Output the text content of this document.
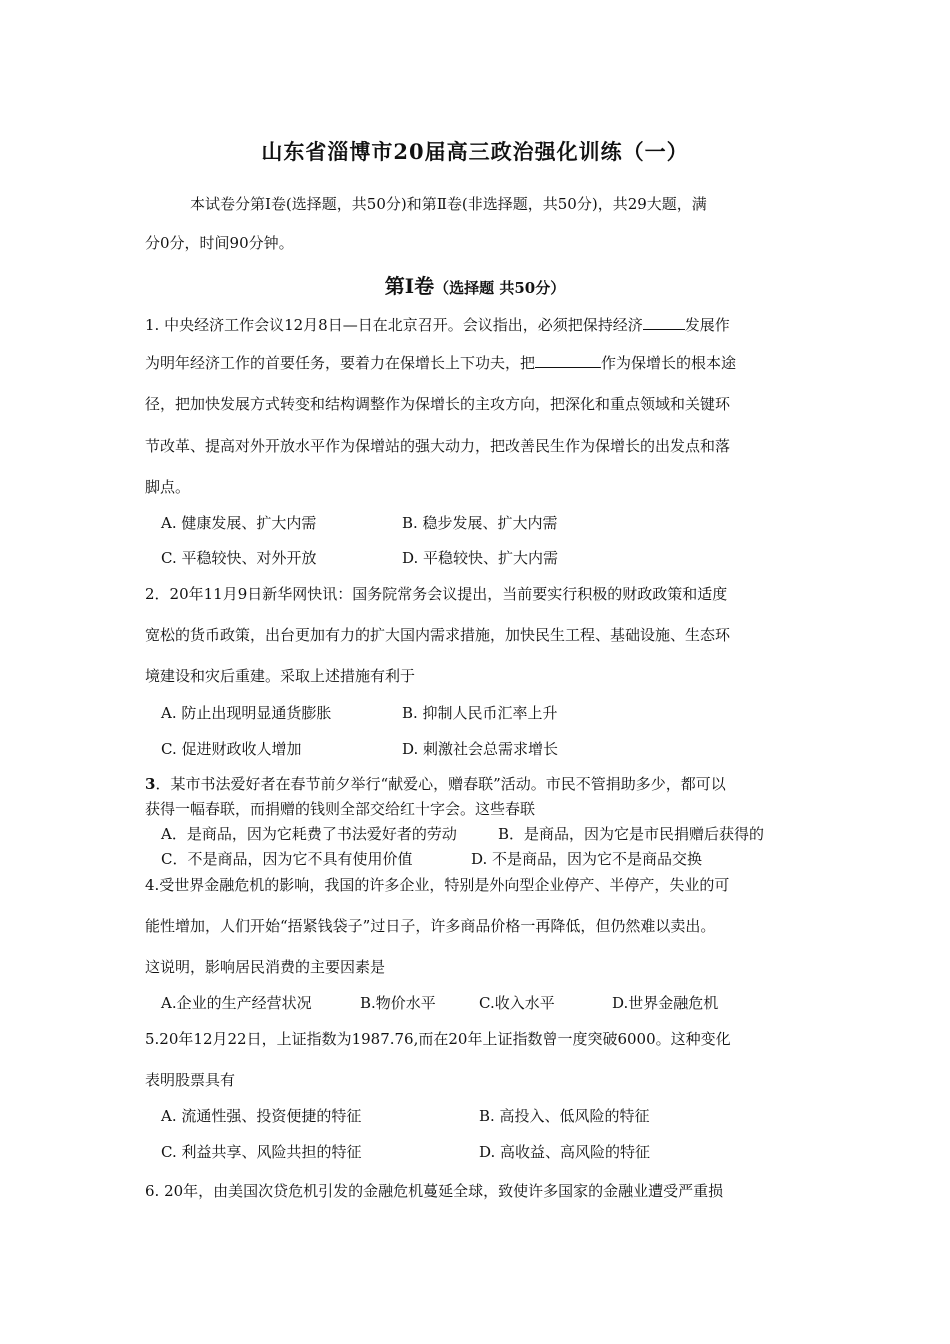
山东省淄博市20届高三政治强化训练（一）
本试卷分第Ⅰ卷(选择题，共50分)和第Ⅱ卷(非选择题，共50分)，共29大题，满
分0分，时间90分钟。
第Ⅰ卷（选择题 共50分）
1. 中央经济工作会议12月8日—日在北京召开。会议指出，必须把保持经济	发展作
为明年经济工作的首要任务，要着力在保增长上下功夫，把	作为保增长的根本途
径，把加快发展方式转变和结构调整作为保增长的主攻方向，把深化和重点领域和关键环
节改革、提高对外开放水平作为保增站的强大动力，把改善民生作为保增长的出发点和落
脚点。
A. 健康发展、扩大内需	B. 稳步发展、扩大内需
C. 平稳较快、对外开放	D. 平稳较快、扩大内需
2．20年11月9日新华网快讯：国务院常务会议提出，当前要实行积极的财政政策和适度
宽松的货币政策，出台更加有力的扩大国内需求措施，加快民生工程、基础设施、生态环
境建设和灾后重建。采取上述措施有利于
A. 防止出现明显通货膨胀	B. 抑制人民币汇率上升
C. 促进财政收人增加	D. 刺激社会总需求增长
3．某市书法爱好者在春节前夕举行“献爱心，赠春联”活动。市民不管捐助多少，都可以
获得一幅春联，而捐赠的钱则全部交给红十字会。这些春联
A．是商品，因为它耗费了书法爱好者的劳动	B．是商品，因为它是市民捐赠后获得的
C．不是商品，因为它不具有使用价值	D. 不是商品，因为它不是商品交换
4.受世界金融危机的影响，我国的许多企业，特别是外向型企业停产、半停产，失业的可
能性增加，人们开始“捂紧钱袋子”过日子，许多商品价格一再降低，但仍然难以卖出。
这说明，影响居民消费的主要因素是
A.企业的生产经营状况	B.物价水平	C.收入水平	D.世界金融危机
5.20年12月22日，上证指数为1987.76,而在20年上证指数曾一度突破6000。这种变化
表明股票具有
A. 流通性强、投资便捷的特征	B. 高投入、低风险的特征
C. 利益共享、风险共担的特征	D. 高收益、高风险的特征
6. 20年，由美国次贷危机引发的金融危机蔓延全球，致使许多国家的金融业遭受严重损
